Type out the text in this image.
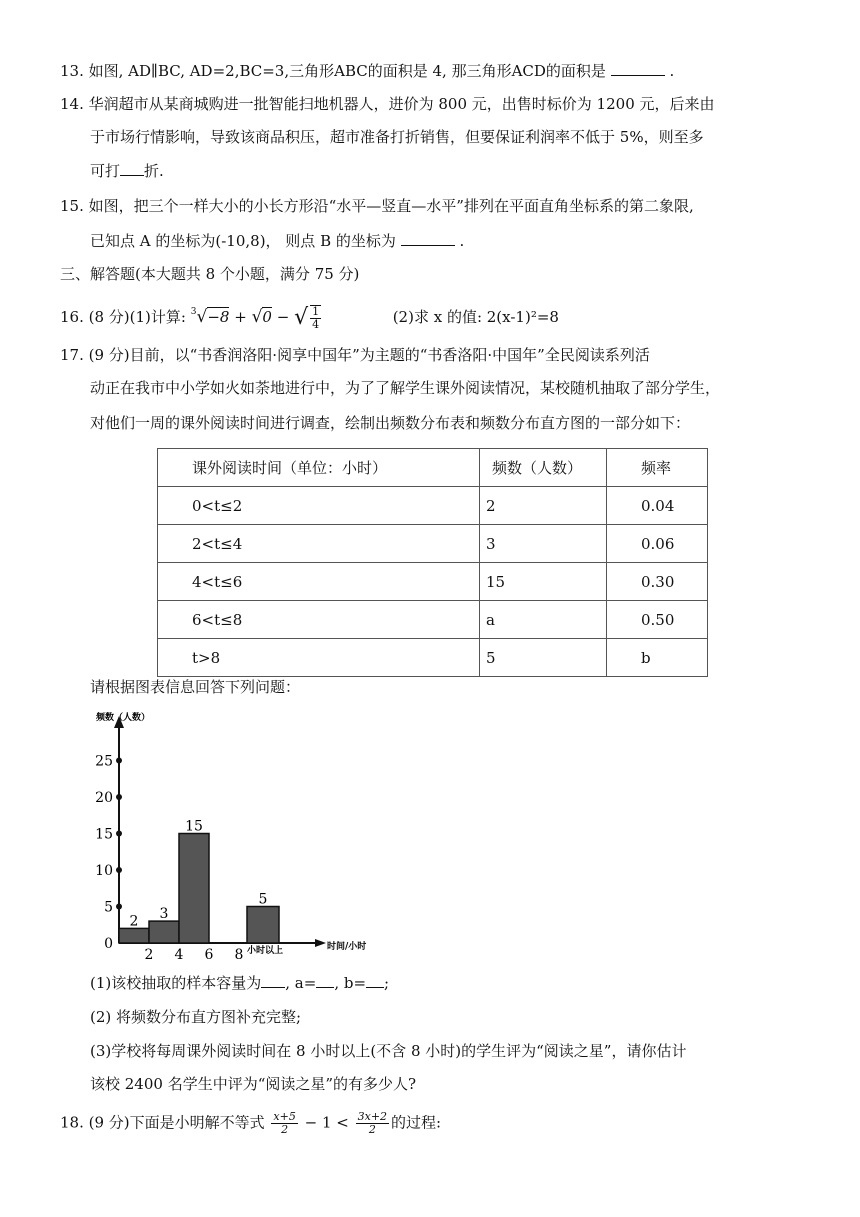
13. 如图, AD∥BC, AD=2,BC=3,三角形ABC的面积是 4, 那三角形ACD的面积是	.
14. 华润超市从某商城购进一批智能扫地机器人，进价为 800 元，出售时标价为 1200 元，后来由
于市场行情影响，导致该商品积压，超市准备打折销售，但要保证利润率不低于 5%，则至多
可打 折.
15. 如图，把三个一样大小的小长方形沿“水平—竖直—水平”排列在平面直角坐标系的第二象限,
已知点 A 的坐标为(-10,8)， 则点 B 的坐标为	.
三、解答题(本大题共 8 个小题，满分 75 分)
16. (8 分)(1)计算: $^3$√−8 + √0 − √ $\frac{1}{4}$	(2)求 x 的值: 2(x-1)²=8
17. (9 分)目前，以“书香润洛阳·阅享中国年”为主题的“书香洛阳·中国年”全民阅读系列活
动正在我市中小学如火如荼地进行中，为了了解学生课外阅读情况，某校随机抽取了部分学生，
对他们一周的课外阅读时间进行调查，绘制出频数分布表和频数分布直方图的一部分如下：
课外阅读时间（单位：小时）	频数（人数）	频率
0<t≤2	2	0.04
2<t≤4	3	0.06
4<t≤6	15	0.30
6<t≤8	a	0.50
t>8	5	b
请根据图表信息回答下列问题：
频数（人数）
时间/小时
0
5
10
15
20
25
2 4 6 8 小时以上
2 3
15
5
(1)该校抽取的样本容量为 , a= , b= ;
(2) 将频数分布直方图补充完整;
(3)学校将每周课外阅读时间在 8 小时以上(不含 8 小时)的学生评为“阅读之星”，请你估计
该校 2400 名学生中评为“阅读之星”的有多少人?
18. (9 分)下面是小明解不等式 $\frac{x+5}{2} - 1 < \frac{3x+2}{2}$ 的过程:
